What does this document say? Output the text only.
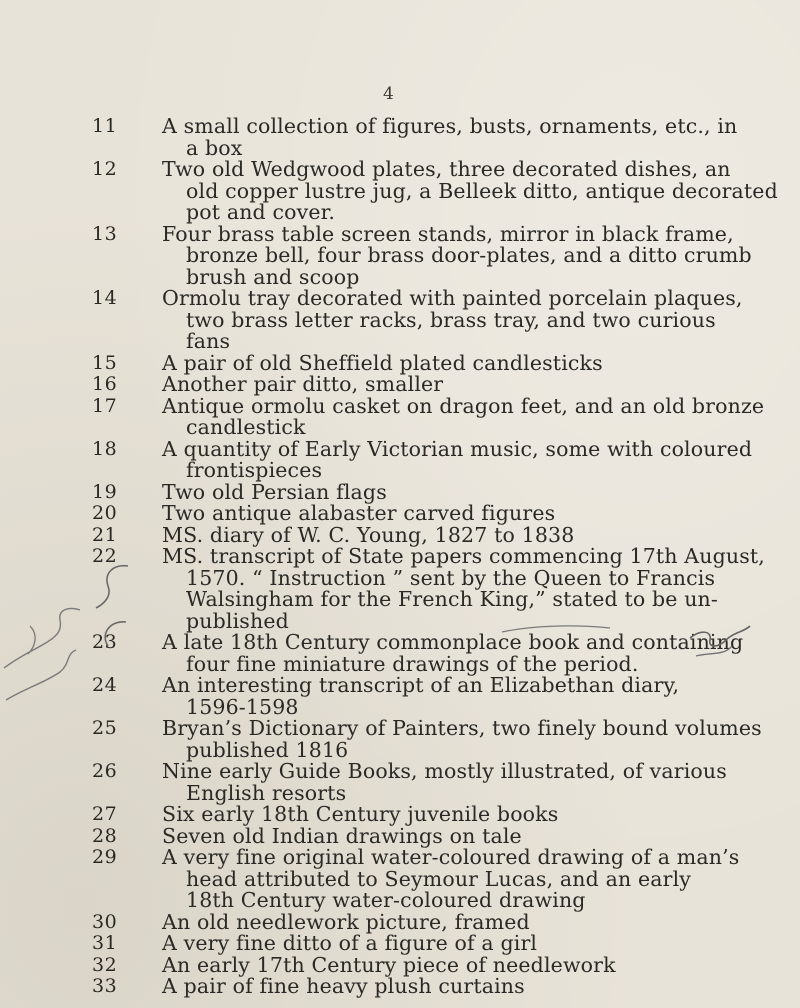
4
11	A small collection of figures, busts, ornaments, etc., in
a box
12	Two old Wedgwood plates, three decorated dishes, an
old copper lustre jug, a Belleek ditto, antique decorated
pot and cover.
13	Four brass table screen stands, mirror in black frame,
bronze bell, four brass door-plates, and a ditto crumb
brush and scoop
14	Ormolu tray decorated with painted porcelain plaques,
two brass letter racks, brass tray, and two curious
fans
15	A pair of old Sheffield plated candlesticks
16	Another pair ditto, smaller
17	Antique ormolu casket on dragon feet, and an old bronze
candlestick
18	A quantity of Early Victorian music, some with coloured
frontispieces
19	Two old Persian flags
20	Two antique alabaster carved figures
21	MS. diary of W. C. Young, 1827 to 1838
22	MS. transcript of State papers commencing 17th August,
1570. “ Instruction ” sent by the Queen to Francis
Walsingham for the French King,” stated to be un-
published
23	A late 18th Century commonplace book and containing
four fine miniature drawings of the period.
24	An interesting transcript of an Elizabethan diary,
1596-1598
25	Bryan’s Dictionary of Painters, two finely bound volumes
published 1816
26	Nine early Guide Books, mostly illustrated, of various
English resorts
27	Six early 18th Century juvenile books
28	Seven old Indian drawings on tale
29	A very fine original water-coloured drawing of a man’s
head attributed to Seymour Lucas, and an early
18th Century water-coloured drawing
30	An old needlework picture, framed
31	A very fine ditto of a figure of a girl
32	An early 17th Century piece of needlework
33	A pair of fine heavy plush curtains
